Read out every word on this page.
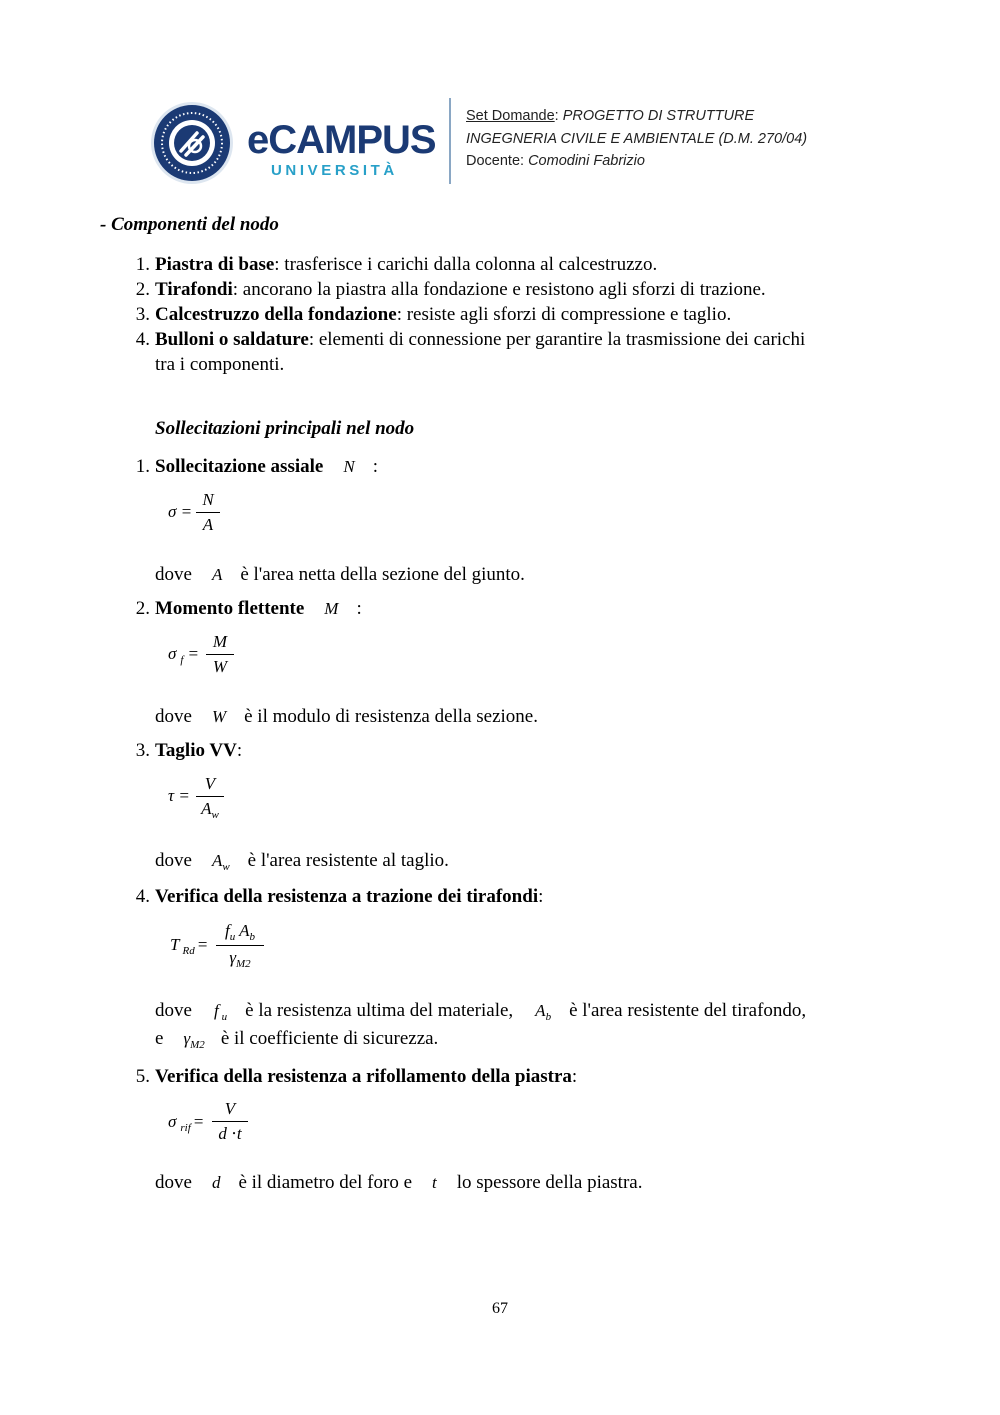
eCAMPUS
UNIVERSITÀ
Set Domande: PROGETTO DI STRUTTURE
INGEGNERIA CIVILE E AMBIENTALE (D.M. 270/04)
Docente: Comodini Fabrizio
- Componenti del nodo
1. Piastra di base: trasferisce i carichi dalla colonna al calcestruzzo.
2. Tirafondi: ancorano la piastra alla fondazione e resistono agli sforzi di trazione.
3. Calcestruzzo della fondazione: resiste agli sforzi di compressione e taglio.
4. Bulloni o saldature: elementi di connessione per garantire la trasmissione dei carichi
tra i componenti.
Sollecitazioni principali nel nodo
1. Sollecitazione assiale N :
$\sigma = \frac{N}{A}$
dove A è l'area netta della sezione del giunto.
2. Momento flettente M :
σ $_f = \frac{M}{W}$
dove W è il modulo di resistenza della sezione.
3. Taglio VV:
$\tau = \frac{V}{A_w}$
dove $A_w$ è l'area resistente al taglio.
4. Verifica della resistenza a trazione dei tirafondi:
T $_{Rd} = \frac{f_u A_b}{\gamma_{M2}}$
dove f $_u$ è la resistenza ultima del materiale, $A_b$ è l'area resistente del tirafondo,
e $\gamma_{M2}$ è il coefficiente di sicurezza.
5. Verifica della resistenza a rifollamento della piastra:
σ $_{rif} = \frac{V}{d \cdot t}$
dove d è il diametro del foro e t lo spessore della piastra.
67
